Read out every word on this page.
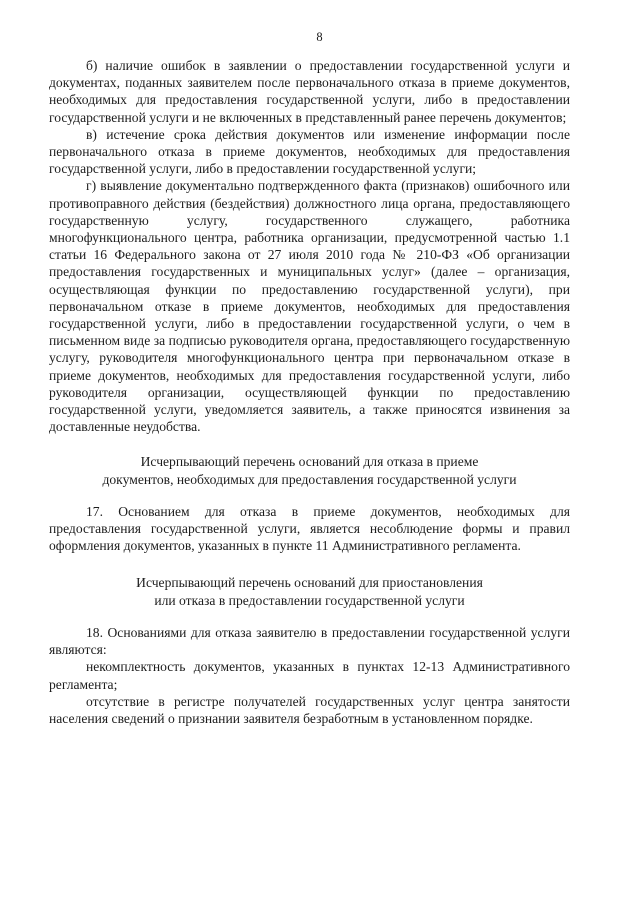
8

б) наличие ошибок в заявлении о предоставлении государственной услуги и документах, поданных заявителем после первоначального отказа в приеме документов, необходимых для предоставления государственной услуги, либо в предоставлении государственной услуги и не включенных в представленный ранее перечень документов;

в) истечение срока действия документов или изменение информации после первоначального отказа в приеме документов, необходимых для предоставления государственной услуги, либо в предоставлении государственной услуги;

г) выявление документально подтвержденного факта (признаков) ошибочного или противоправного действия (бездействия) должностного лица органа, предоставляющего государственную услугу, государственного служащего, работника многофункционального центра, работника организации, предусмотренной частью 1.1 статьи 16 Федерального закона от 27 июля 2010 года № 210-ФЗ «Об организации предоставления государственных и муниципальных услуг» (далее – организация, осуществляющая функции по предоставлению государственной услуги), при первоначальном отказе в приеме документов, необходимых для предоставления государственной услуги, либо в предоставлении государственной услуги, о чем в письменном виде за подписью руководителя органа, предоставляющего государственную услугу, руководителя многофункционального центра при первоначальном отказе в приеме документов, необходимых для предоставления государственной услуги, либо руководителя организации, осуществляющей функции по предоставлению государственной услуги, уведомляется заявитель, а также приносятся извинения за доставленные неудобства.

Исчерпывающий перечень оснований для отказа в приеме
документов, необходимых для предоставления государственной услуги

17. Основанием для отказа в приеме документов, необходимых для предоставления государственной услуги, является несоблюдение формы и правил оформления документов, указанных в пункте 11 Административного регламента.

Исчерпывающий перечень оснований для приостановления
или отказа в предоставлении государственной услуги

18. Основаниями для отказа заявителю в предоставлении государственной услуги являются:

некомплектность документов, указанных в пунктах 12-13 Административного регламента;

отсутствие в регистре получателей государственных услуг центра занятости населения сведений о признании заявителя безработным в установленном порядке.
